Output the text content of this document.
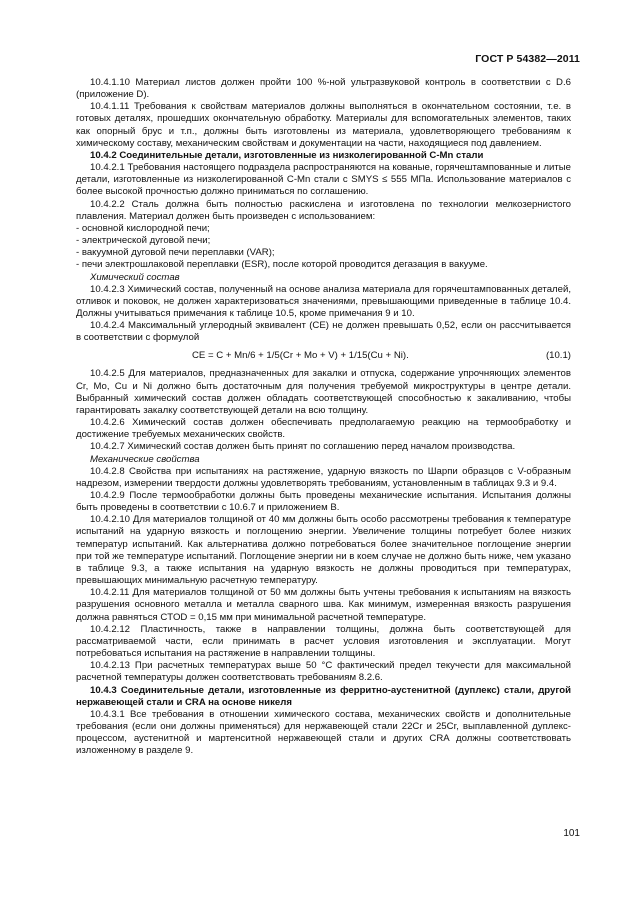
ГОСТ Р 54382—2011

10.4.1.10 Материал листов должен пройти 100 %-ной ультразвуковой контроль в соответствии с D.6 (приложение D).

10.4.1.11 Требования к свойствам материалов должны выполняться в окончательном состоянии, т.е. в готовых деталях, прошедших окончательную обработку. Материалы для вспомогательных элементов, таких как опорный брус и т.п., должны быть изготовлены из материала, удовлетворяющего требованиям к химическому составу, механическим свойствам и документации на части, находящиеся под давлением.

10.4.2 Соединительные детали, изготовленные из низколегированной C-Mn стали

10.4.2.1 Требования настоящего подраздела распространяются на кованые, горячештампованные и литые детали, изготовленные из низколегированной C-Mn стали с SMYS ≤ 555 МПа. Использование материалов с более высокой прочностью должно приниматься по соглашению.

10.4.2.2 Сталь должна быть полностью раскислена и изготовлена по технологии мелкозернистого плавления. Материал должен быть произведен с использованием:

- основной кислородной печи;

- электрической дуговой печи;

- вакуумной дуговой печи переплавки (VAR);

- печи электрошлаковой переплавки (ESR), после которой проводится дегазация в вакууме.

Химический состав

10.4.2.3 Химический состав, полученный на основе анализа материала для горячештампованных деталей, отливок и поковок, не должен характеризоваться значениями, превышающими приведенные в таблице 10.4. Должны учитываться примечания к таблице 10.5, кроме примечания 9 и 10.

10.4.2.4 Максимальный углеродный эквивалент (CE) не должен превышать 0,52, если он рассчитывается в соответствии с формулой

CE = C + Mn/6 + 1/5(Cr + Mo + V) + 1/15(Cu + Ni).	(10.1)

10.4.2.5 Для материалов, предназначенных для закалки и отпуска, содержание упрочняющих элементов Cr, Mo, Cu и Ni должно быть достаточным для получения требуемой микроструктуры в центре детали. Выбранный химический состав должен обладать соответствующей способностью к закаливанию, чтобы гарантировать закалку соответствующей детали на всю толщину.

10.4.2.6 Химический состав должен обеспечивать предполагаемую реакцию на термообработку и достижение требуемых механических свойств.

10.4.2.7 Химический состав должен быть принят по соглашению перед началом производства.

Механические свойства

10.4.2.8 Свойства при испытаниях на растяжение, ударную вязкость по Шарпи образцов с V-образным надрезом, измерении твердости должны удовлетворять требованиям, установленным в таблицах 9.3 и 9.4.

10.4.2.9 После термообработки должны быть проведены механические испытания. Испытания должны быть проведены в соответствии с 10.6.7 и приложением B.

10.4.2.10 Для материалов толщиной от 40 мм должны быть особо рассмотрены требования к температуре испытаний на ударную вязкость и поглощению энергии. Увеличение толщины потребует более низких температур испытаний. Как альтернатива должно потребоваться более значительное поглощение энергии при той же температуре испытаний. Поглощение энергии ни в коем случае не должно быть ниже, чем указано в таблице 9.3, а также испытания на ударную вязкость не должны проводиться при температурах, превышающих минимальную расчетную температуру.

10.4.2.11 Для материалов толщиной от 50 мм должны быть учтены требования к испытаниям на вязкость разрушения основного металла и металла сварного шва. Как минимум, измеренная вязкость разрушения должна равняться CTOD = 0,15 мм при минимальной расчетной температуре.

10.4.2.12 Пластичность, также в направлении толщины, должна быть соответствующей для рассматриваемой части, если принимать в расчет условия изготовления и эксплуатации. Могут потребоваться испытания на растяжение в направлении толщины.

10.4.2.13 При расчетных температурах выше 50 °C фактический предел текучести для максимальной расчетной температуры должен соответствовать требованиям 8.2.6.

10.4.3 Соединительные детали, изготовленные из ферритно-аустенитной (дуплекс) стали, другой нержавеющей стали и CRA на основе никеля

10.4.3.1 Все требования в отношении химического состава, механических свойств и дополнительные требования (если они должны применяться) для нержавеющей стали 22Cr и 25Cr, выплавленной дуплекс-процессом, аустенитной и мартенситной нержавеющей стали и других CRA должны соответствовать изложенному в разделе 9.

101
